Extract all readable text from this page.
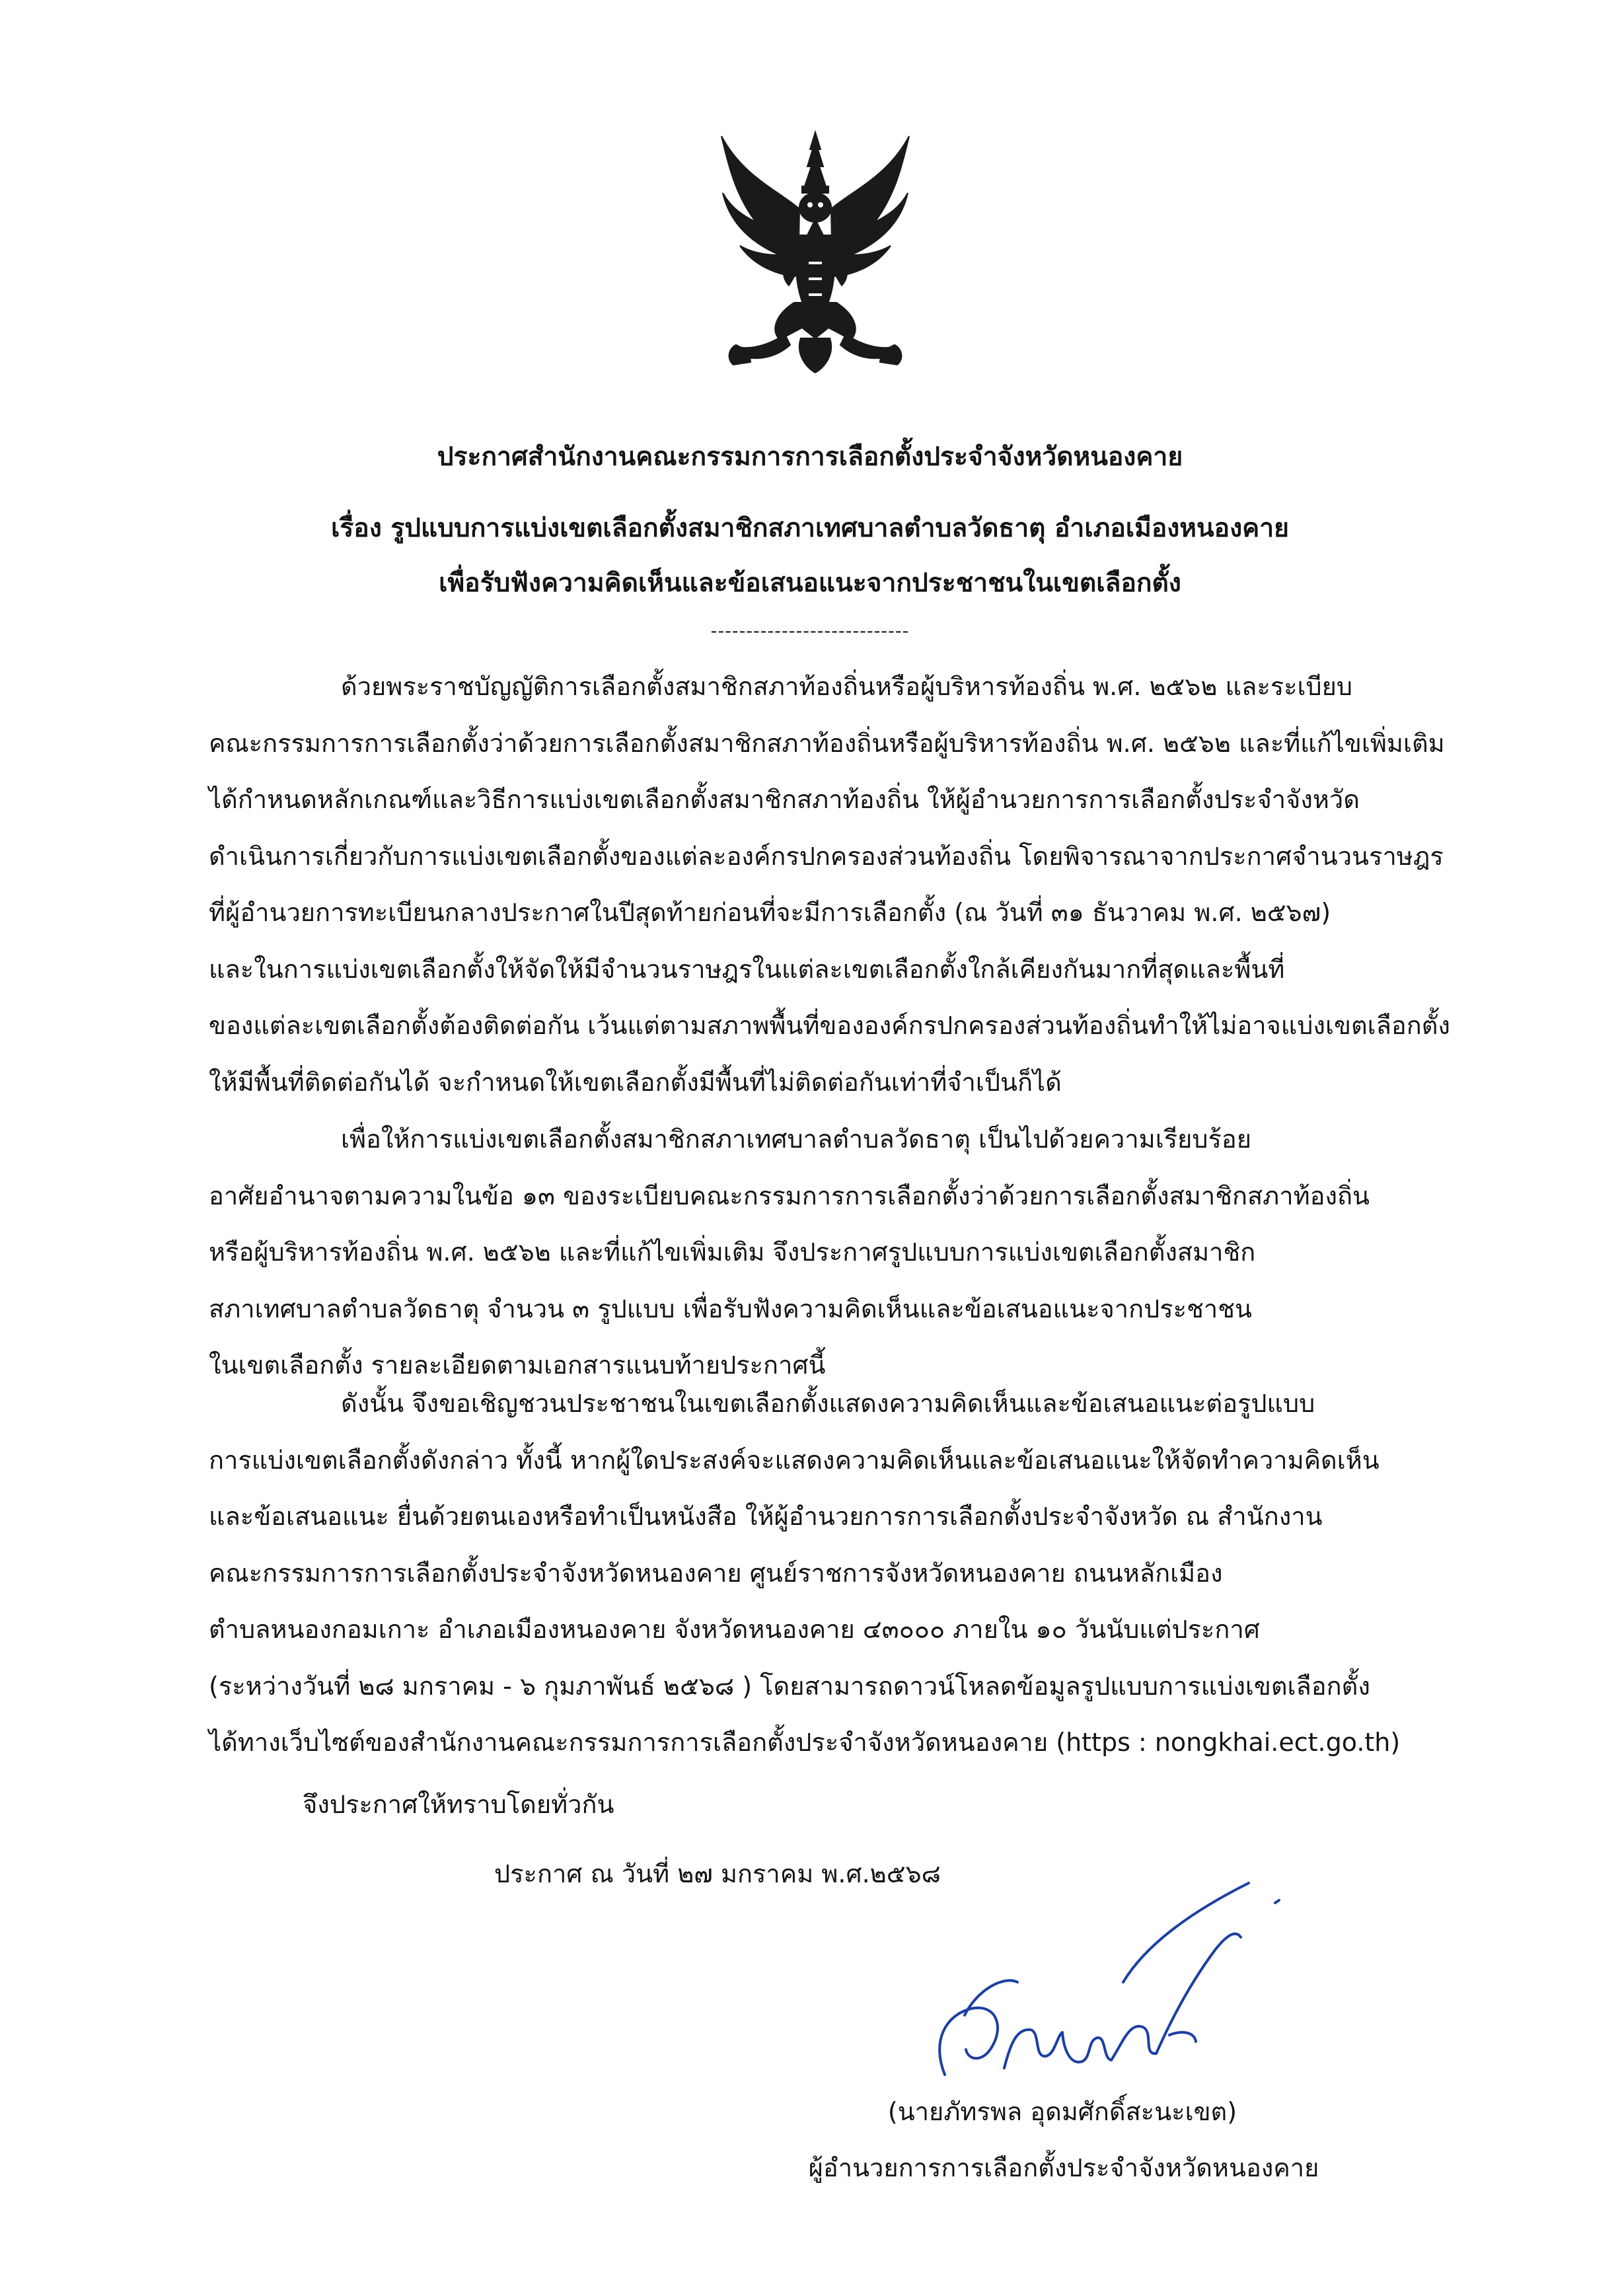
ประกาศสำนักงานคณะกรรมการการเลือกตั้งประจำจังหวัดหนองคาย
เรื่อง รูปแบบการแบ่งเขตเลือกตั้งสมาชิกสภาเทศบาลตำบลวัดธาตุ อำเภอเมืองหนองคาย
เพื่อรับฟังความคิดเห็นและข้อเสนอแนะจากประชาชนในเขตเลือกตั้ง
----------------------------
ด้วยพระราชบัญญัติการเลือกตั้งสมาชิกสภาท้องถิ่นหรือผู้บริหารท้องถิ่น พ.ศ. ๒๕๖๒ และระเบียบ
คณะกรรมการการเลือกตั้งว่าด้วยการเลือกตั้งสมาชิกสภาท้องถิ่นหรือผู้บริหารท้องถิ่น พ.ศ. ๒๕๖๒ และที่แก้ไขเพิ่มเติม
ได้กำหนดหลักเกณฑ์และวิธีการแบ่งเขตเลือกตั้งสมาชิกสภาท้องถิ่น ให้ผู้อำนวยการการเลือกตั้งประจำจังหวัด
ดำเนินการเกี่ยวกับการแบ่งเขตเลือกตั้งของแต่ละองค์กรปกครองส่วนท้องถิ่น โดยพิจารณาจากประกาศจำนวนราษฎร
ที่ผู้อำนวยการทะเบียนกลางประกาศในปีสุดท้ายก่อนที่จะมีการเลือกตั้ง (ณ วันที่ ๓๑ ธันวาคม พ.ศ. ๒๕๖๗)
และในการแบ่งเขตเลือกตั้งให้จัดให้มีจำนวนราษฎรในแต่ละเขตเลือกตั้งใกล้เคียงกันมากที่สุดและพื้นที่
ของแต่ละเขตเลือกตั้งต้องติดต่อกัน เว้นแต่ตามสภาพพื้นที่ขององค์กรปกครองส่วนท้องถิ่นทำให้ไม่อาจแบ่งเขตเลือกตั้ง
ให้มีพื้นที่ติดต่อกันได้ จะกำหนดให้เขตเลือกตั้งมีพื้นที่ไม่ติดต่อกันเท่าที่จำเป็นก็ได้
เพื่อให้การแบ่งเขตเลือกตั้งสมาชิกสภาเทศบาลตำบลวัดธาตุ เป็นไปด้วยความเรียบร้อย
อาศัยอำนาจตามความในข้อ ๑๓ ของระเบียบคณะกรรมการการเลือกตั้งว่าด้วยการเลือกตั้งสมาชิกสภาท้องถิ่น
หรือผู้บริหารท้องถิ่น พ.ศ. ๒๕๖๒ และที่แก้ไขเพิ่มเติม จึงประกาศรูปแบบการแบ่งเขตเลือกตั้งสมาชิก
สภาเทศบาลตำบลวัดธาตุ จำนวน ๓ รูปแบบ เพื่อรับฟังความคิดเห็นและข้อเสนอแนะจากประชาชน
ในเขตเลือกตั้ง รายละเอียดตามเอกสารแนบท้ายประกาศนี้
ดังนั้น จึงขอเชิญชวนประชาชนในเขตเลือกตั้งแสดงความคิดเห็นและข้อเสนอแนะต่อรูปแบบ
การแบ่งเขตเลือกตั้งดังกล่าว ทั้งนี้ หากผู้ใดประสงค์จะแสดงความคิดเห็นและข้อเสนอแนะให้จัดทำความคิดเห็น
และข้อเสนอแนะ ยื่นด้วยตนเองหรือทำเป็นหนังสือ ให้ผู้อำนวยการการเลือกตั้งประจำจังหวัด ณ สำนักงาน
คณะกรรมการการเลือกตั้งประจำจังหวัดหนองคาย ศูนย์ราชการจังหวัดหนองคาย ถนนหลักเมือง
ตำบลหนองกอมเกาะ อำเภอเมืองหนองคาย จังหวัดหนองคาย ๔๓๐๐๐ ภายใน ๑๐ วันนับแต่ประกาศ
(ระหว่างวันที่ ๒๘ มกราคม - ๖ กุมภาพันธ์ ๒๕๖๘ ) โดยสามารถดาวน์โหลดข้อมูลรูปแบบการแบ่งเขตเลือกตั้ง
ได้ทางเว็บไซต์ของสำนักงานคณะกรรมการการเลือกตั้งประจำจังหวัดหนองคาย (https : nongkhai.ect.go.th)
จึงประกาศให้ทราบโดยทั่วกัน
ประกาศ ณ วันที่ ๒๗ มกราคม พ.ศ.๒๕๖๘
(นายภัทรพล อุดมศักดิ์สะนะเขต)
ผู้อำนวยการการเลือกตั้งประจำจังหวัดหนองคาย
